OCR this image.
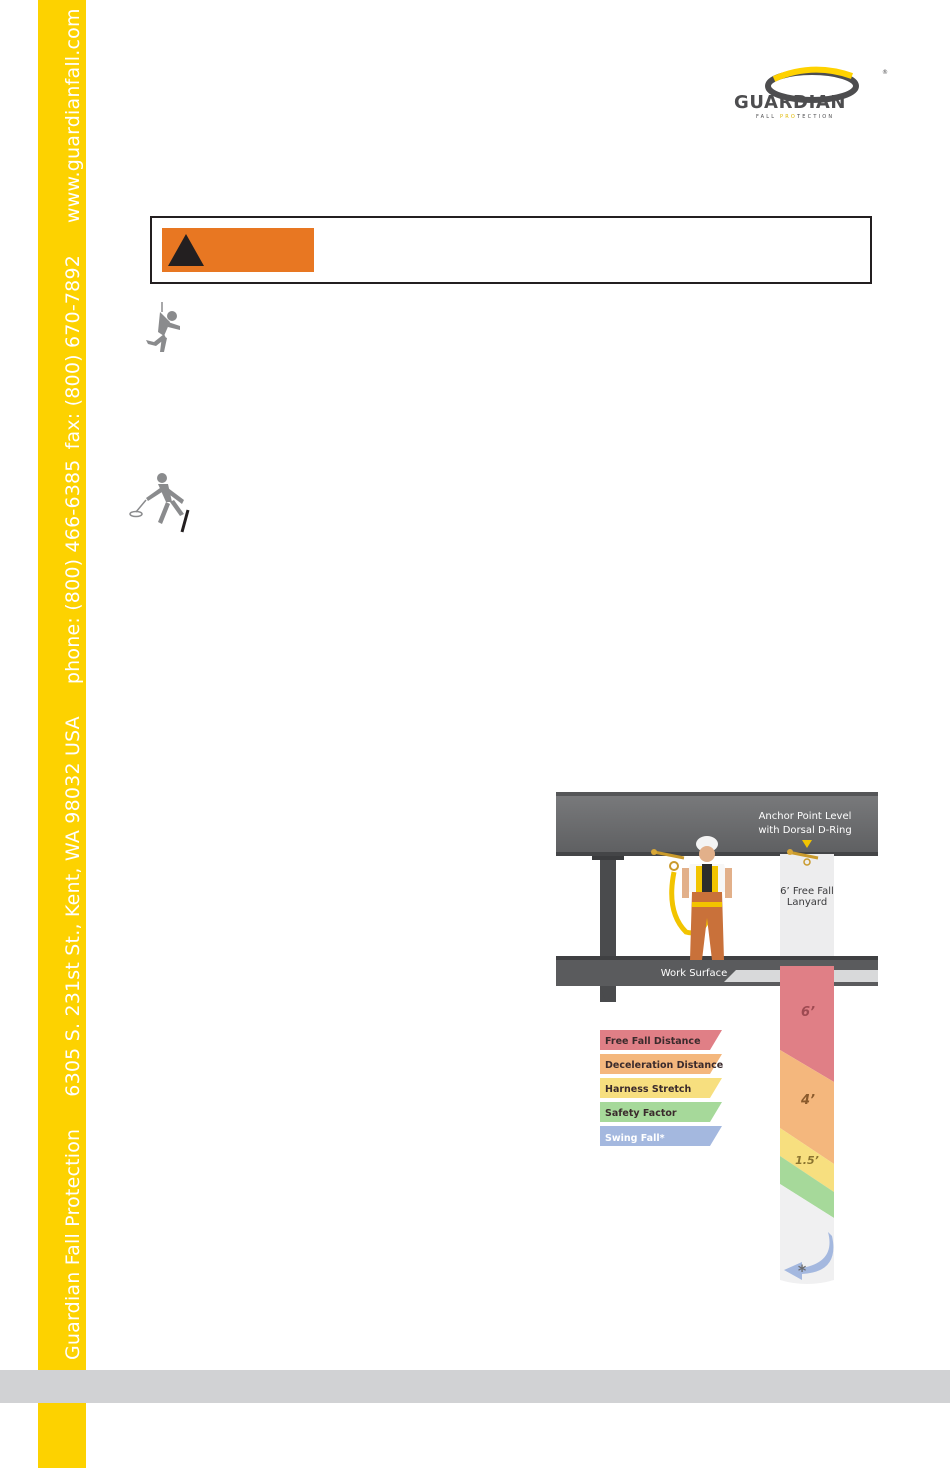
Guardian Fall Protection6305 S. 231st St., Kent, WA 98032 USAphone: (800) 466-6385fax: (800) 670-7892www.guardianfall.com	®
GUARDIAN
FALL PROTECTION
Anchor Point Level
with Dorsal D-Ring
6’ Free Fall
Lanyard
Work Surface
6’
4’
1.5’
*
Free Fall Distance
Deceleration Distance
Harness Stretch
Safety Factor
Swing Fall*
